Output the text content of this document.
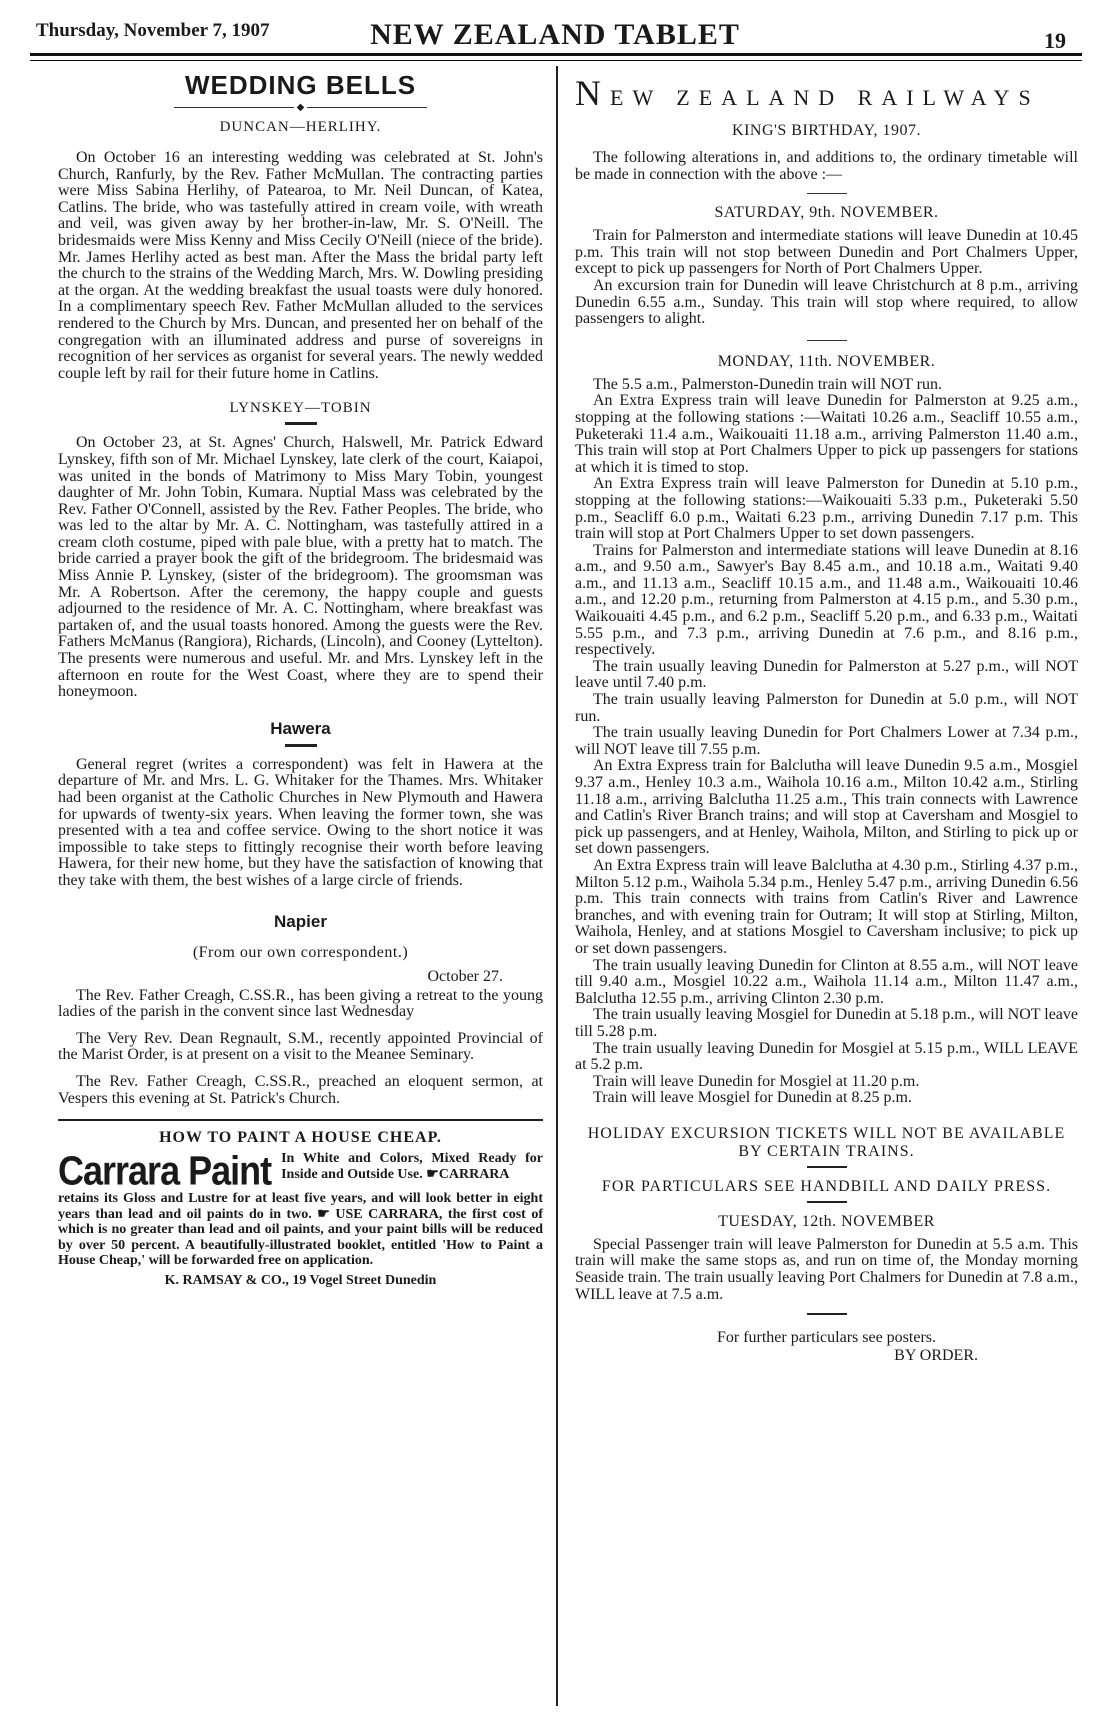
Thursday, November 7, 1907	NEW ZEALAND TABLET	19
WEDDING BELLS
◆
DUNCAN—HERLIHY.

On October 16 an interesting wedding was celebrated at St. John's Church, Ranfurly, by the Rev. Father McMullan. The contracting parties were Miss Sabina Herlihy, of Patearoa, to Mr. Neil Duncan, of Katea, Catlins. The bride, who was tastefully attired in cream voile, with wreath and veil, was given away by her brother-in-law, Mr. S. O'Neill. The bridesmaids were Miss Kenny and Miss Cecily O'Neill (niece of the bride). Mr. James Herlihy acted as best man. After the Mass the bridal party left the church to the strains of the Wedding March, Mrs. W. Dowling presiding at the organ. At the wedding breakfast the usual toasts were duly honored. In a complimentary speech Rev. Father McMullan alluded to the services rendered to the Church by Mrs. Duncan, and presented her on behalf of the congregation with an illuminated address and purse of sovereigns in recognition of her services as organist for several years. The newly wedded couple left by rail for their future home in Catlins.

LYNSKEY—TOBIN

On October 23, at St. Agnes' Church, Halswell, Mr. Patrick Edward Lynskey, fifth son of Mr. Michael Lynskey, late clerk of the court, Kaiapoi, was united in the bonds of Matrimony to Miss Mary Tobin, youngest daughter of Mr. John Tobin, Kumara. Nuptial Mass was celebrated by the Rev. Father O'Connell, assisted by the Rev. Father Peoples. The bride, who was led to the altar by Mr. A. C. Nottingham, was tastefully attired in a cream cloth costume, piped with pale blue, with a pretty hat to match. The bride carried a prayer book the gift of the bridegroom. The bridesmaid was Miss Annie P. Lynskey, (sister of the bridegroom). The groomsman was Mr. A Robertson. After the ceremony, the happy couple and guests adjourned to the residence of Mr. A. C. Nottingham, where breakfast was partaken of, and the usual toasts honored. Among the guests were the Rev. Fathers McManus (Rangiora), Richards, (Lincoln), and Cooney (Lyttelton). The presents were numerous and useful. Mr. and Mrs. Lynskey left in the afternoon en route for the West Coast, where they are to spend their honeymoon.

Hawera

General regret (writes a correspondent) was felt in Hawera at the departure of Mr. and Mrs. L. G. Whitaker for the Thames. Mrs. Whitaker had been organist at the Catholic Churches in New Plymouth and Hawera for upwards of twenty-six years. When leaving the former town, she was presented with a tea and coffee service. Owing to the short notice it was impossible to take steps to fittingly recognise their worth before leaving Hawera, for their new home, but they have the satisfaction of knowing that they take with them, the best wishes of a large circle of friends.

Napier
(From our own correspondent.)
October 27.

The Rev. Father Creagh, C.SS.R., has been giving a retreat to the young ladies of the parish in the convent since last Wednesday

The Very Rev. Dean Regnault, S.M., recently appointed Provincial of the Marist Order, is at present on a visit to the Meanee Seminary.

The Rev. Father Creagh, C.SS.R., preached an eloquent sermon, at Vespers this evening at St. Patrick's Church.

HOW TO PAINT A HOUSE CHEAP.
Carrara Paint In White and Colors, Mixed Ready for Inside and Outside Use. ☛CARRARA
retains its Gloss and Lustre for at least five years, and will look better in eight years than lead and oil paints do in two. ☛ USE CARRARA, the first cost of which is no greater than lead and oil paints, and your paint bills will be reduced by over 50 percent. A beautifully-illustrated booklet, entitled 'How to Paint a House Cheap,' will be forwarded free on application.
K. RAMSAY & CO., 19 Vogel Street Dunedin
NEW ZEALAND RAILWAYS
KING'S BIRTHDAY, 1907.

The following alterations in, and additions to, the ordinary timetable will be made in connection with the above :—

SATURDAY, 9th. NOVEMBER.

Train for Palmerston and intermediate stations will leave Dunedin at 10.45 p.m. This train will not stop between Dunedin and Port Chalmers Upper, except to pick up passengers for North of Port Chalmers Upper.

An excursion train for Dunedin will leave Christchurch at 8 p.m., arriving Dunedin 6.55 a.m., Sunday. This train will stop where required, to allow passengers to alight.

MONDAY, 11th. NOVEMBER.

The 5.5 a.m., Palmerston-Dunedin train will NOT run.

An Extra Express train will leave Dunedin for Palmerston at 9.25 a.m., stopping at the following stations :—Waitati 10.26 a.m., Seacliff 10.55 a.m., Puketeraki 11.4 a.m., Waikouaiti 11.18 a.m., arriving Palmerston 11.40 a.m., This train will stop at Port Chalmers Upper to pick up passengers for stations at which it is timed to stop.

An Extra Express train will leave Palmerston for Dunedin at 5.10 p.m., stopping at the following stations:—Waikouaiti 5.33 p.m., Puketeraki 5.50 p.m., Seacliff 6.0 p.m., Waitati 6.23 p.m., arriving Dunedin 7.17 p.m. This train will stop at Port Chalmers Upper to set down passengers.

Trains for Palmerston and intermediate stations will leave Dunedin at 8.16 a.m., and 9.50 a.m., Sawyer's Bay 8.45 a.m., and 10.18 a.m., Waitati 9.40 a.m., and 11.13 a.m., Seacliff 10.15 a.m., and 11.48 a.m., Waikouaiti 10.46 a.m., and 12.20 p.m., returning from Palmerston at 4.15 p.m., and 5.30 p.m., Waikouaiti 4.45 p.m., and 6.2 p.m., Seacliff 5.20 p.m., and 6.33 p.m., Waitati 5.55 p.m., and 7.3 p.m., arriving Dunedin at 7.6 p.m., and 8.16 p.m., respectively.

The train usually leaving Dunedin for Palmerston at 5.27 p.m., will NOT leave until 7.40 p.m.

The train usually leaving Palmerston for Dunedin at 5.0 p.m., will NOT run.

The train usually leaving Dunedin for Port Chalmers Lower at 7.34 p.m., will NOT leave till 7.55 p.m.

An Extra Express train for Balclutha will leave Dunedin 9.5 a.m., Mosgiel 9.37 a.m., Henley 10.3 a.m., Waihola 10.16 a.m., Milton 10.42 a.m., Stirling 11.18 a.m., arriving Balclutha 11.25 a.m., This train connects with Lawrence and Catlin's River Branch trains; and will stop at Caversham and Mosgiel to pick up passengers, and at Henley, Waihola, Milton, and Stirling to pick up or set down passengers.

An Extra Express train will leave Balclutha at 4.30 p.m., Stirling 4.37 p.m., Milton 5.12 p.m., Waihola 5.34 p.m., Henley 5.47 p.m., arriving Dunedin 6.56 p.m. This train connects with trains from Catlin's River and Lawrence branches, and with evening train for Outram; It will stop at Stirling, Milton, Waihola, Henley, and at stations Mosgiel to Caversham inclusive; to pick up or set down passengers.

The train usually leaving Dunedin for Clinton at 8.55 a.m., will NOT leave till 9.40 a.m., Mosgiel 10.22 a.m., Waihola 11.14 a.m., Milton 11.47 a.m., Balclutha 12.55 p.m., arriving Clinton 2.30 p.m.

The train usually leaving Mosgiel for Dunedin at 5.18 p.m., will NOT leave till 5.28 p.m.

The train usually leaving Dunedin for Mosgiel at 5.15 p.m., WILL LEAVE at 5.2 p.m.

Train will leave Dunedin for Mosgiel at 11.20 p.m.

Train will leave Mosgiel for Dunedin at 8.25 p.m.

HOLIDAY EXCURSION TICKETS WILL NOT BE AVAILABLE BY CERTAIN TRAINS.
FOR PARTICULARS SEE HANDBILL AND DAILY PRESS.
TUESDAY, 12th. NOVEMBER

Special Passenger train will leave Palmerston for Dunedin at 5.5 a.m. This train will make the same stops as, and run on time of, the Monday morning Seaside train. The train usually leaving Port Chalmers for Dunedin at 7.8 a.m., WILL leave at 7.5 a.m.

For further particulars see posters.
BY ORDER.
